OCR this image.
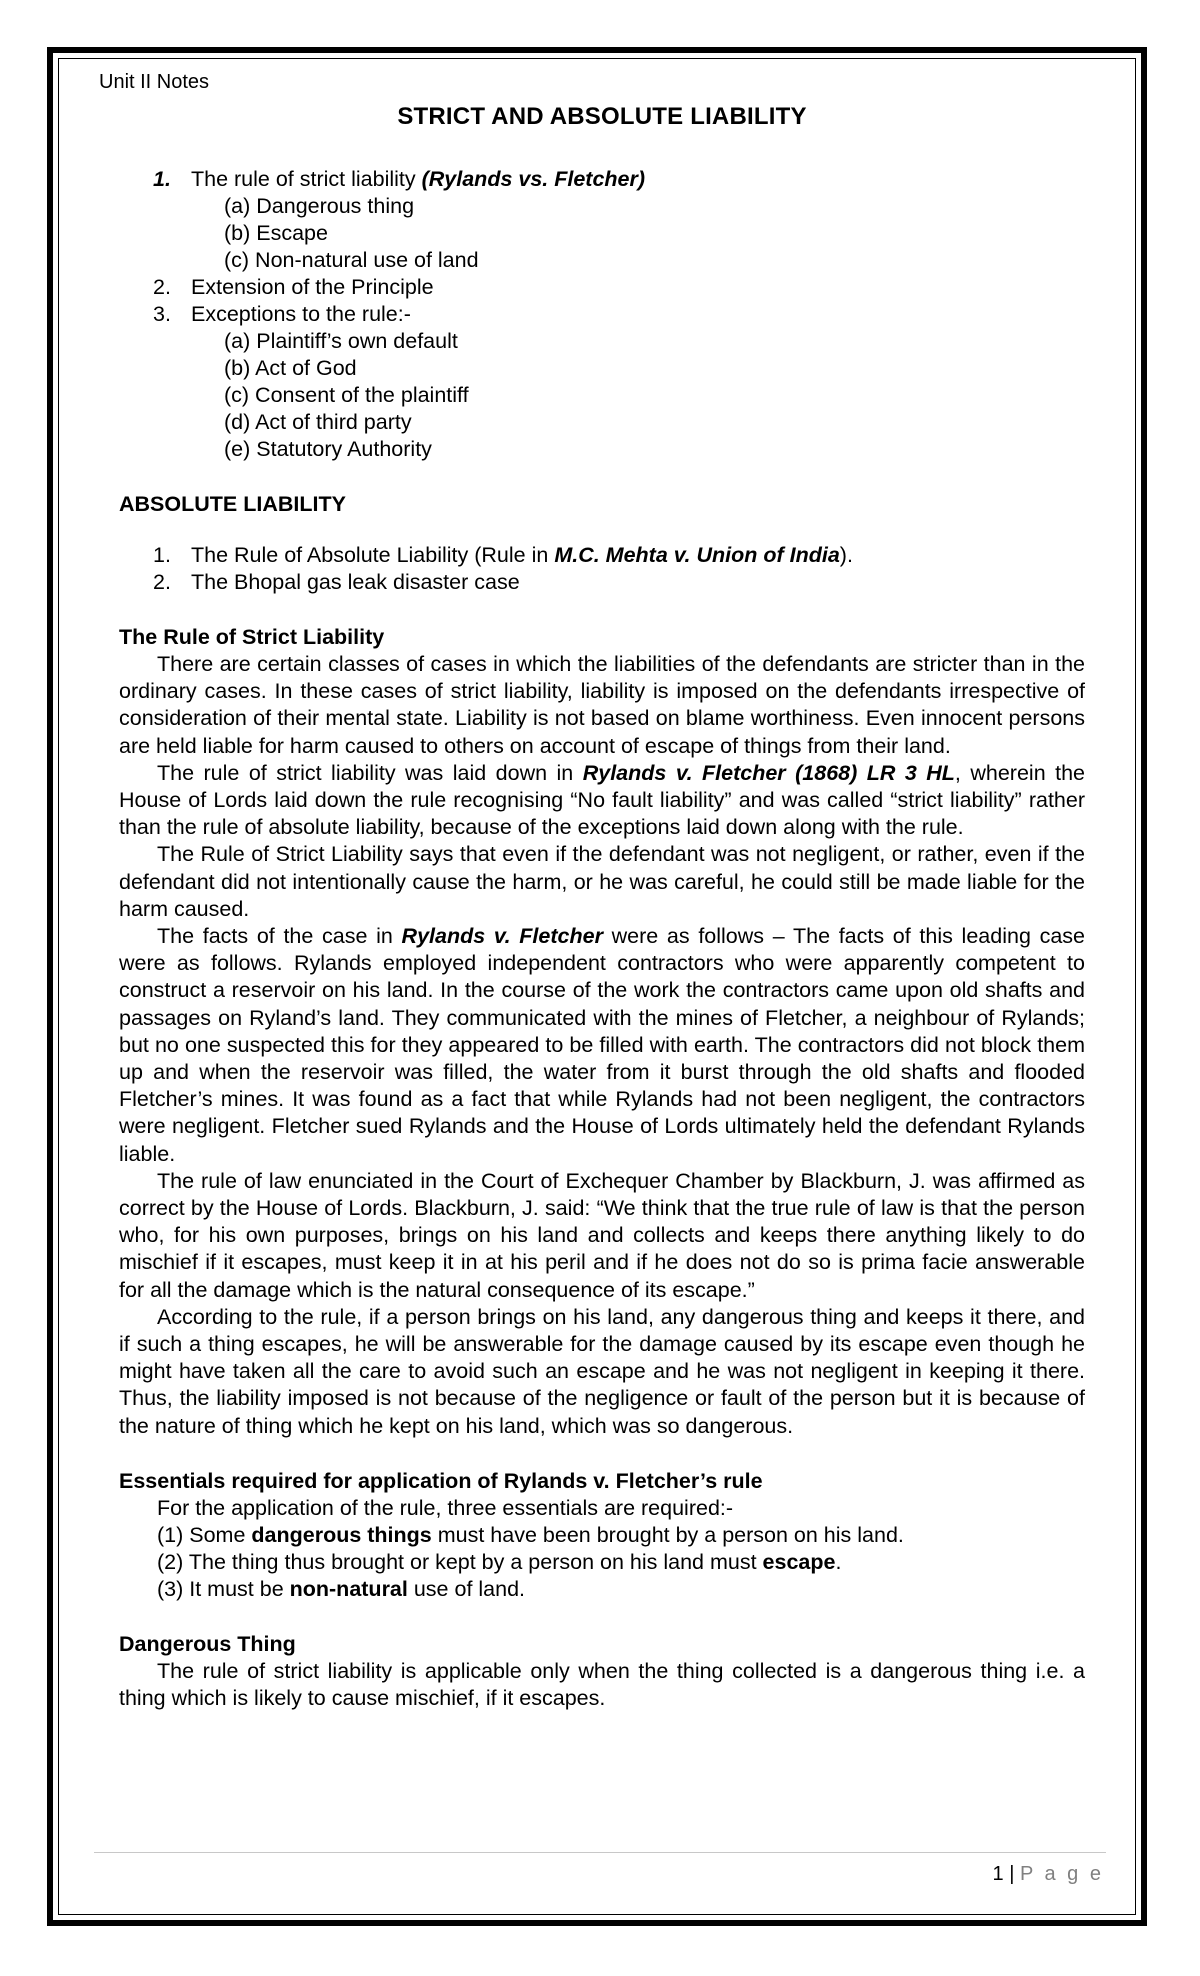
Unit II Notes
STRICT AND ABSOLUTE LIABILITY
1. The rule of strict liability (Rylands vs. Fletcher)
(a) Dangerous thing
(b) Escape
(c) Non-natural use of land
2. Extension of the Principle
3. Exceptions to the rule:-
(a) Plaintiff’s own default
(b) Act of God
(c) Consent of the plaintiff
(d) Act of third party
(e) Statutory Authority
ABSOLUTE LIABILITY
1. The Rule of Absolute Liability (Rule in M.C. Mehta v. Union of India).
2. The Bhopal gas leak disaster case
The Rule of Strict Liability

There are certain classes of cases in which the liabilities of the defendants are stricter than in the ordinary cases. In these cases of strict liability, liability is imposed on the defendants irrespective of consideration of their mental state. Liability is not based on blame worthiness. Even innocent persons are held liable for harm caused to others on account of escape of things from their land.

The rule of strict liability was laid down in Rylands v. Fletcher (1868) LR 3 HL, wherein the House of Lords laid down the rule recognising “No fault liability” and was called “strict liability” rather than the rule of absolute liability, because of the exceptions laid down along with the rule.

The Rule of Strict Liability says that even if the defendant was not negligent, or rather, even if the defendant did not intentionally cause the harm, or he was careful, he could still be made liable for the harm caused.

The facts of the case in Rylands v. Fletcher were as follows – The facts of this leading case were as follows. Rylands employed independent contractors who were apparently competent to construct a reservoir on his land. In the course of the work the contractors came upon old shafts and passages on Ryland’s land. They communicated with the mines of Fletcher, a neighbour of Rylands; but no one suspected this for they appeared to be filled with earth. The contractors did not block them up and when the reservoir was filled, the water from it burst through the old shafts and flooded Fletcher’s mines. It was found as a fact that while Rylands had not been negligent, the contractors were negligent. Fletcher sued Rylands and the House of Lords ultimately held the defendant Rylands liable.

The rule of law enunciated in the Court of Exchequer Chamber by Blackburn, J. was affirmed as correct by the House of Lords. Blackburn, J. said: “We think that the true rule of law is that the person who, for his own purposes, brings on his land and collects and keeps there anything likely to do mischief if it escapes, must keep it in at his peril and if he does not do so is prima facie answerable for all the damage which is the natural consequence of its escape.”

According to the rule, if a person brings on his land, any dangerous thing and keeps it there, and if such a thing escapes, he will be answerable for the damage caused by its escape even though he might have taken all the care to avoid such an escape and he was not negligent in keeping it there. Thus, the liability imposed is not because of the negligence or fault of the person but it is because of the nature of thing which he kept on his land, which was so dangerous.

Essentials required for application of Rylands v. Fletcher’s rule
For the application of the rule, three essentials are required:-
(1) Some dangerous things must have been brought by a person on his land.
(2) The thing thus brought or kept by a person on his land must escape.
(3) It must be non-natural use of land.
Dangerous Thing

The rule of strict liability is applicable only when the thing collected is a dangerous thing i.e. a thing which is likely to cause mischief, if it escapes.

1 | P a g e
